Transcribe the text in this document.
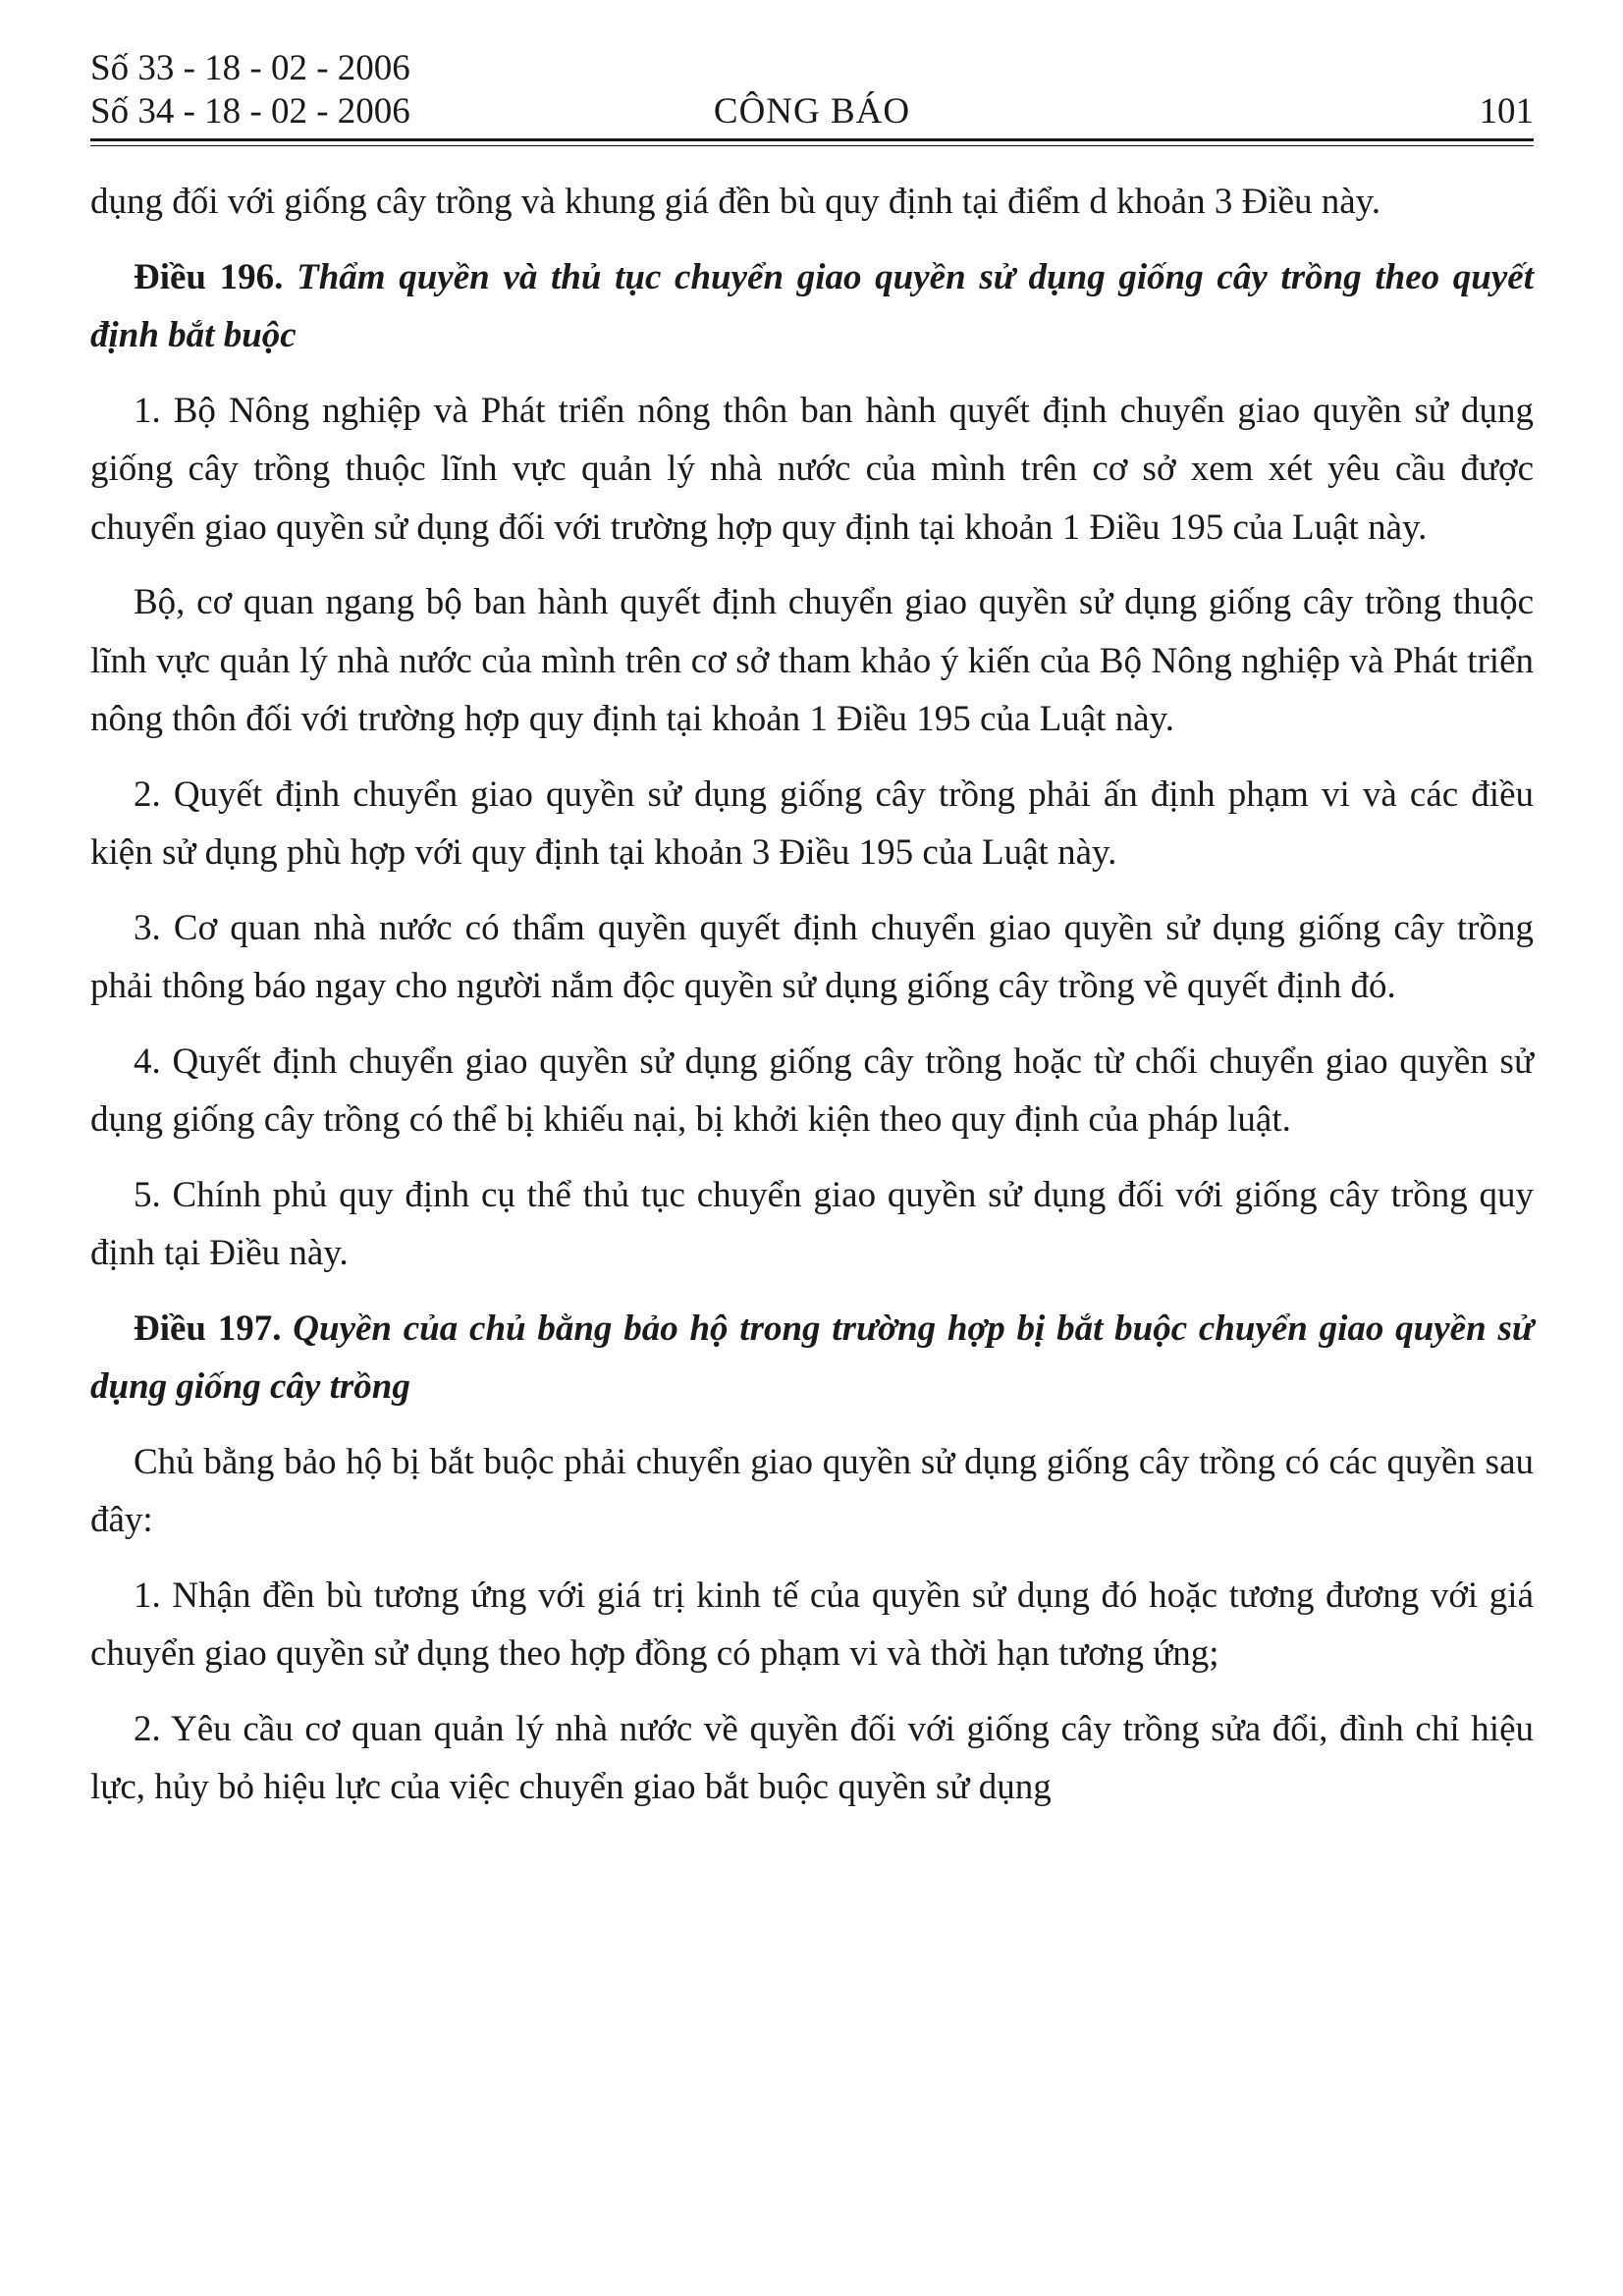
Số 33 - 18 - 02 - 2006
Số 34 - 18 - 02 - 2006	CÔNG BÁO	101

dụng đối với giống cây trồng và khung giá đền bù quy định tại điểm d khoản 3 Điều này.

Điều 196. Thẩm quyền và thủ tục chuyển giao quyền sử dụng giống cây trồng theo quyết định bắt buộc

1. Bộ Nông nghiệp và Phát triển nông thôn ban hành quyết định chuyển giao quyền sử dụng giống cây trồng thuộc lĩnh vực quản lý nhà nước của mình trên cơ sở xem xét yêu cầu được chuyển giao quyền sử dụng đối với trường hợp quy định tại khoản 1 Điều 195 của Luật này.

Bộ, cơ quan ngang bộ ban hành quyết định chuyển giao quyền sử dụng giống cây trồng thuộc lĩnh vực quản lý nhà nước của mình trên cơ sở tham khảo ý kiến của Bộ Nông nghiệp và Phát triển nông thôn đối với trường hợp quy định tại khoản 1 Điều 195 của Luật này.

2. Quyết định chuyển giao quyền sử dụng giống cây trồng phải ấn định phạm vi và các điều kiện sử dụng phù hợp với quy định tại khoản 3 Điều 195 của Luật này.

3. Cơ quan nhà nước có thẩm quyền quyết định chuyển giao quyền sử dụng giống cây trồng phải thông báo ngay cho người nắm độc quyền sử dụng giống cây trồng về quyết định đó.

4. Quyết định chuyển giao quyền sử dụng giống cây trồng hoặc từ chối chuyển giao quyền sử dụng giống cây trồng có thể bị khiếu nại, bị khởi kiện theo quy định của pháp luật.

5. Chính phủ quy định cụ thể thủ tục chuyển giao quyền sử dụng đối với giống cây trồng quy định tại Điều này.

Điều 197. Quyền của chủ bằng bảo hộ trong trường hợp bị bắt buộc chuyển giao quyền sử dụng giống cây trồng

Chủ bằng bảo hộ bị bắt buộc phải chuyển giao quyền sử dụng giống cây trồng có các quyền sau đây:

1. Nhận đền bù tương ứng với giá trị kinh tế của quyền sử dụng đó hoặc tương đương với giá chuyển giao quyền sử dụng theo hợp đồng có phạm vi và thời hạn tương ứng;

2. Yêu cầu cơ quan quản lý nhà nước về quyền đối với giống cây trồng sửa đổi, đình chỉ hiệu lực, hủy bỏ hiệu lực của việc chuyển giao bắt buộc quyền sử dụng
